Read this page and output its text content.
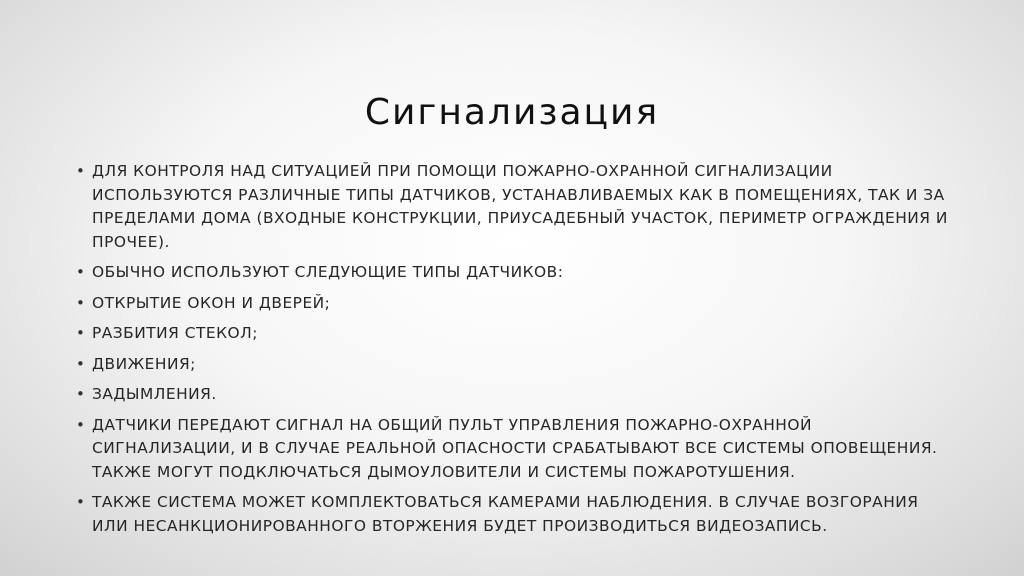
Сигнализация
• ДЛЯ КОНТРОЛЯ НАД СИТУАЦИЕЙ ПРИ ПОМОЩИ ПОЖАРНО-ОХРАННОЙ СИГНАЛИЗАЦИИ ИСПОЛЬЗУЮТСЯ РАЗЛИЧНЫЕ ТИПЫ ДАТЧИКОВ, УСТАНАВЛИВАЕМЫХ КАК В ПОМЕЩЕНИЯХ, ТАК И ЗА ПРЕДЕЛАМИ ДОМА (ВХОДНЫЕ КОНСТРУКЦИИ, ПРИУСАДЕБНЫЙ УЧАСТОК, ПЕРИМЕТР ОГРАЖДЕНИЯ И ПРОЧЕЕ).
• ОБЫЧНО ИСПОЛЬЗУЮТ СЛЕДУЮЩИЕ ТИПЫ ДАТЧИКОВ:
• ОТКРЫТИЕ ОКОН И ДВЕРЕЙ;
• РАЗБИТИЯ СТЕКОЛ;
• ДВИЖЕНИЯ;
• ЗАДЫМЛЕНИЯ.
• ДАТЧИКИ ПЕРЕДАЮТ СИГНАЛ НА ОБЩИЙ ПУЛЬТ УПРАВЛЕНИЯ ПОЖАРНО-ОХРАННОЙ СИГНАЛИЗАЦИИ, И В СЛУЧАЕ РЕАЛЬНОЙ ОПАСНОСТИ СРАБАТЫВАЮТ ВСЕ СИСТЕМЫ ОПОВЕЩЕНИЯ. ТАКЖЕ МОГУТ ПОДКЛЮЧАТЬСЯ ДЫМОУЛОВИТЕЛИ И СИСТЕМЫ ПОЖАРОТУШЕНИЯ.
• ТАКЖЕ СИСТЕМА МОЖЕТ КОМПЛЕКТОВАТЬСЯ КАМЕРАМИ НАБЛЮДЕНИЯ. В СЛУЧАЕ ВОЗГОРАНИЯ ИЛИ НЕСАНКЦИОНИРОВАННОГО ВТОРЖЕНИЯ БУДЕТ ПРОИЗВОДИТЬСЯ ВИДЕОЗАПИСЬ.
